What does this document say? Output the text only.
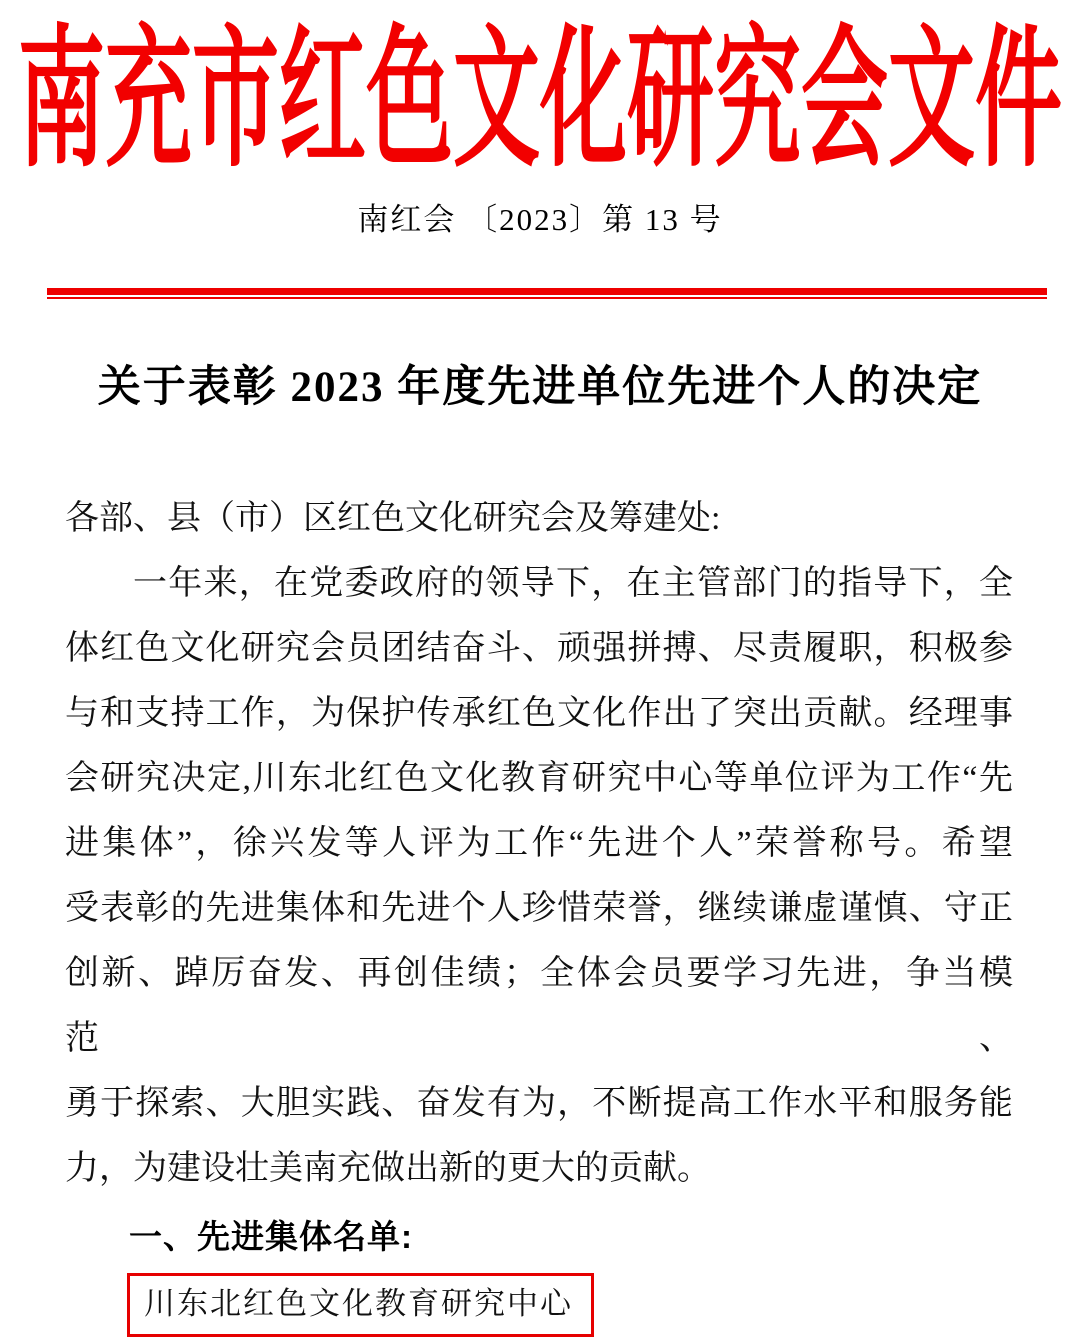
南充市红色文化研究会文件
南红会 〔2023〕第 13 号
关于表彰 2023 年度先进单位先进个人的决定
各部、县（市）区红色文化研究会及筹建处:
一年来，在党委政府的领导下，在主管部门的指导下，全
体红色文化研究会员团结奋斗、顽强拼搏、尽责履职，积极参
与和支持工作，为保护传承红色文化作出了突出贡献。经理事
会研究决定,川东北红色文化教育研究中心等单位评为工作“先
进集体”，徐兴发等人评为工作“先进个人”荣誉称号。希望
受表彰的先进集体和先进个人珍惜荣誉，继续谦虚谨慎、守正
创新、踔厉奋发、再创佳绩；全体会员要学习先进，争当模范、
勇于探索、大胆实践、奋发有为，不断提高工作水平和服务能
力，为建设壮美南充做出新的更大的贡献。
一、先进集体名单:
川东北红色文化教育研究中心
